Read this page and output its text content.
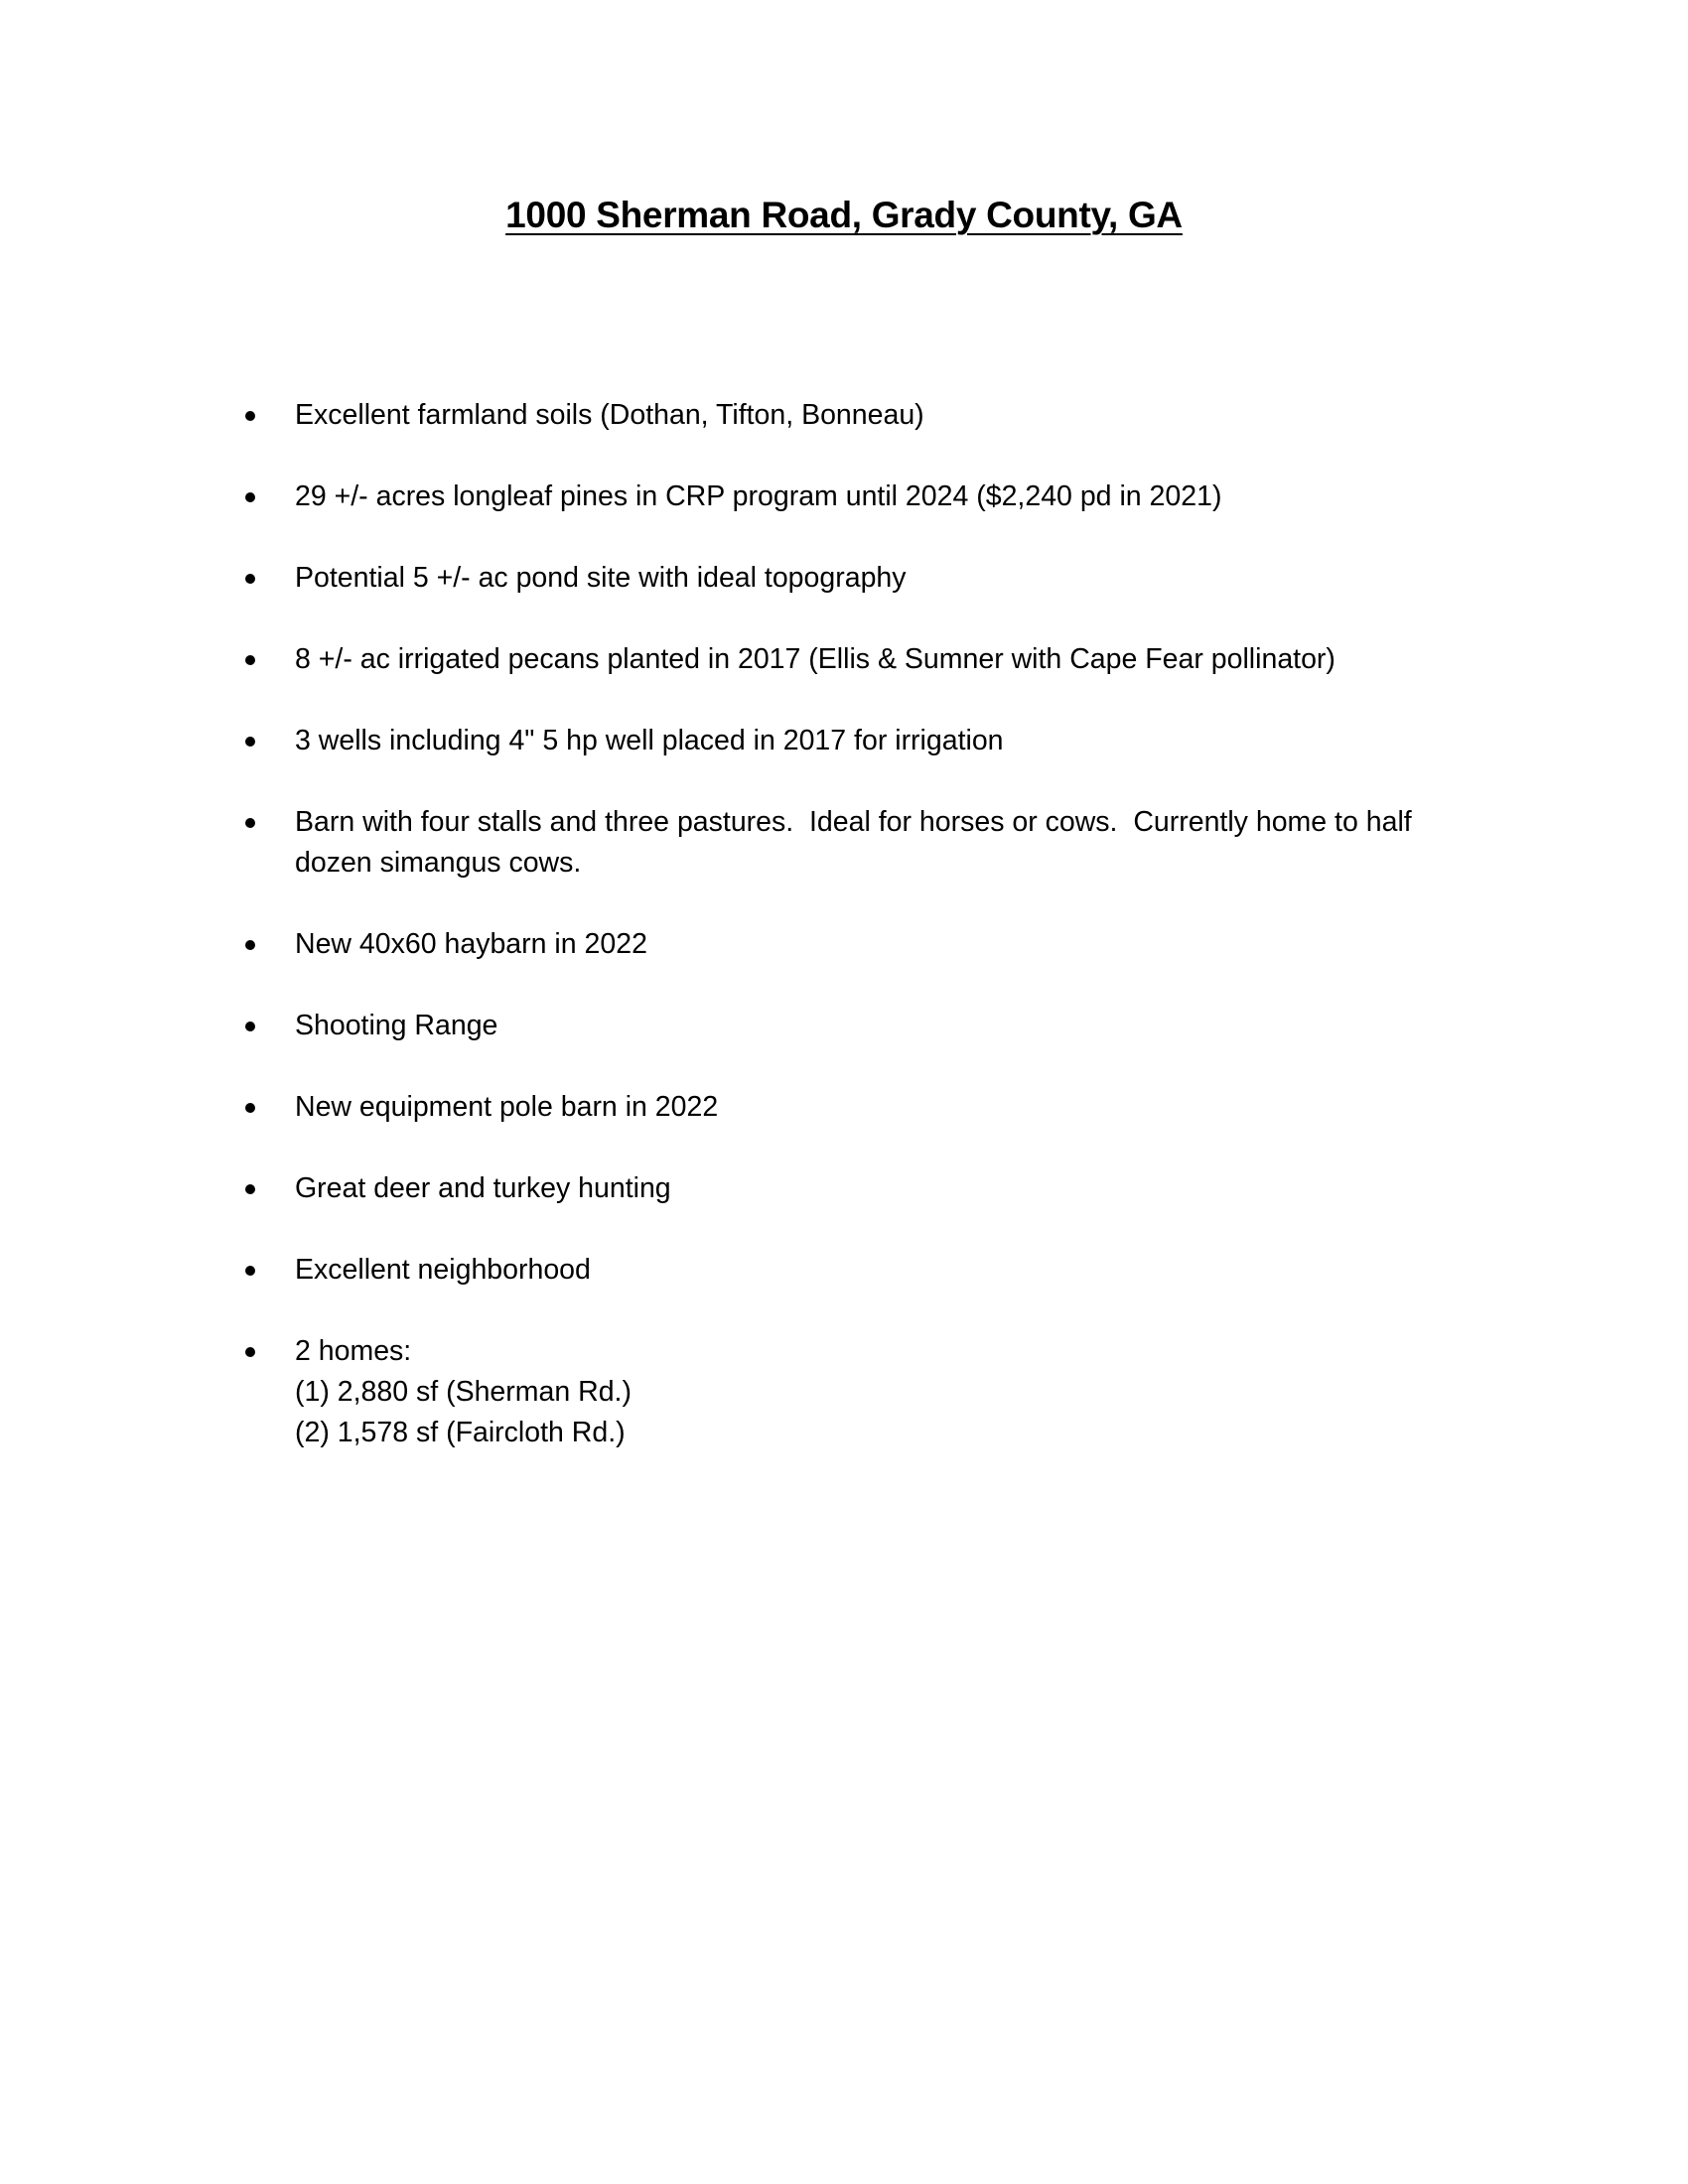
1000 Sherman Road, Grady County, GA
Excellent farmland soils (Dothan, Tifton, Bonneau)
29 +/- acres longleaf pines in CRP program until 2024 ($2,240 pd in 2021)
Potential 5 +/- ac pond site with ideal topography
8 +/- ac irrigated pecans planted in 2017 (Ellis & Sumner with Cape Fear pollinator)
3 wells including 4" 5 hp well placed in 2017 for irrigation
Barn with four stalls and three pastures.  Ideal for horses or cows.  Currently home to half dozen simangus cows.
New 40x60 haybarn in 2022
Shooting Range
New equipment pole barn in 2022
Great deer and turkey hunting
Excellent neighborhood
2 homes:
(1) 2,880 sf (Sherman Rd.)
(2) 1,578 sf (Faircloth Rd.)
